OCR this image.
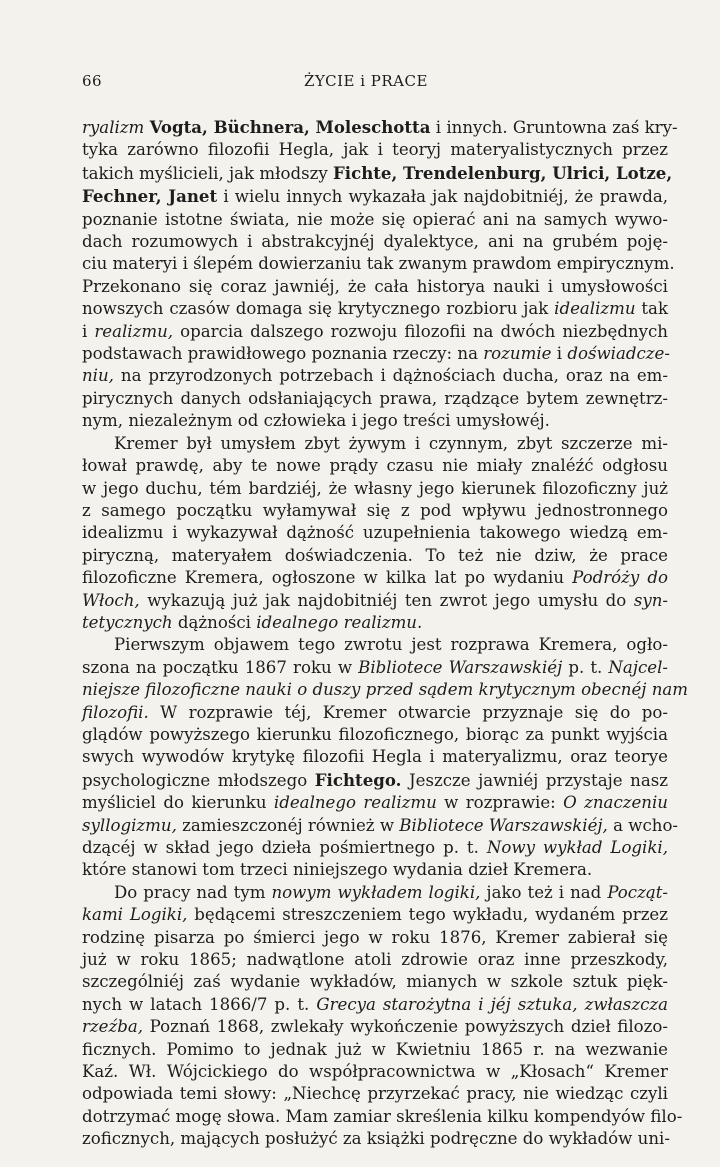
66	ŻYCIE i PRACE
ryalizm Vogta, Büchnera, Moleschotta i innych. Gruntowna zaś kry-
tyka zarówno filozofii Hegla, jak i teoryj materyalistycznych przez
takich myślicieli, jak młodszy Fichte, Trendelenburg, Ulrici, Lotze,
Fechner, Janet i wielu innych wykazała jak najdobitniéj, że prawda,
poznanie istotne świata, nie może się opierać ani na samych wywo-
dach rozumowych i abstrakcyjnéj dyalektyce, ani na grubém poję-
ciu materyi i ślepém dowierzaniu tak zwanym prawdom empirycznym.
Przekonano się coraz jawniéj, że cała historya nauki i umysłowości
nowszych czasów domaga się krytycznego rozbioru jak idealizmu tak
i realizmu, oparcia dalszego rozwoju filozofii na dwóch niezbędnych
podstawach prawidłowego poznania rzeczy: na rozumie i doświadcze-
niu, na przyrodzonych potrzebach i dążnościach ducha, oraz na em-
pirycznych danych odsłaniających prawa, rządzące bytem zewnętrz-
nym, niezależnym od człowieka i jego treści umysłowéj.
Kremer był umysłem zbyt żywym i czynnym, zbyt szczerze mi-
łował prawdę, aby te nowe prądy czasu nie miały znaléźć odgłosu
w jego duchu, tém bardziéj, że własny jego kierunek filozoficzny już
z samego początku wyłamywał się z pod wpływu jednostronnego
idealizmu i wykazywał dążność uzupełnienia takowego wiedzą em-
piryczną, materyałem doświadczenia. To też nie dziw, że prace
filozoficzne Kremera, ogłoszone w kilka lat po wydaniu Podróży do
Włoch, wykazują już jak najdobitniéj ten zwrot jego umysłu do syn-
tetycznych dążności idealnego realizmu.
Pierwszym objawem tego zwrotu jest rozprawa Kremera, ogło-
szona na początku 1867 roku w Bibliotece Warszawskiéj p. t. Najcel-
niejsze filozoficzne nauki o duszy przed sądem krytycznym obecnéj nam
filozofii. W rozprawie téj, Kremer otwarcie przyznaje się do po-
glądów powyższego kierunku filozoficznego, biorąc za punkt wyjścia
swych wywodów krytykę filozofii Hegla i materyalizmu, oraz teorye
psychologiczne młodszego Fichtego. Jeszcze jawniéj przystaje nasz
myśliciel do kierunku idealnego realizmu w rozprawie: O znaczeniu
syllogizmu, zamieszczonéj również w Bibliotece Warszawskiéj, a wcho-
dzącéj w skład jego dzieła pośmiertnego p. t. Nowy wykład Logiki,
które stanowi tom trzeci niniejszego wydania dzieł Kremera.
Do pracy nad tym nowym wykładem logiki, jako też i nad Począt-
kami Logiki, będącemi streszczeniem tego wykładu, wydaném przez
rodzinę pisarza po śmierci jego w roku 1876, Kremer zabierał się
już w roku 1865; nadwątlone atoli zdrowie oraz inne przeszkody,
szczególniéj zaś wydanie wykładów, mianych w szkole sztuk pięk-
nych w latach 1866/7 p. t. Grecya starożytna i jéj sztuka, zwłaszcza
rzeźba, Poznań 1868, zwlekały wykończenie powyższych dzieł filozo-
ficznych. Pomimo to jednak już w Kwietniu 1865 r. na wezwanie
Kaź. Wł. Wójcickiego do współpracownictwa w „Kłosach“ Kremer
odpowiada temi słowy: „Niechcę przyrzekać pracy, nie wiedząc czyli
dotrzymać mogę słowa. Mam zamiar skreślenia kilku kompendyów filo-
zoficznych, mających posłużyć za książki podręczne do wykładów uni-
